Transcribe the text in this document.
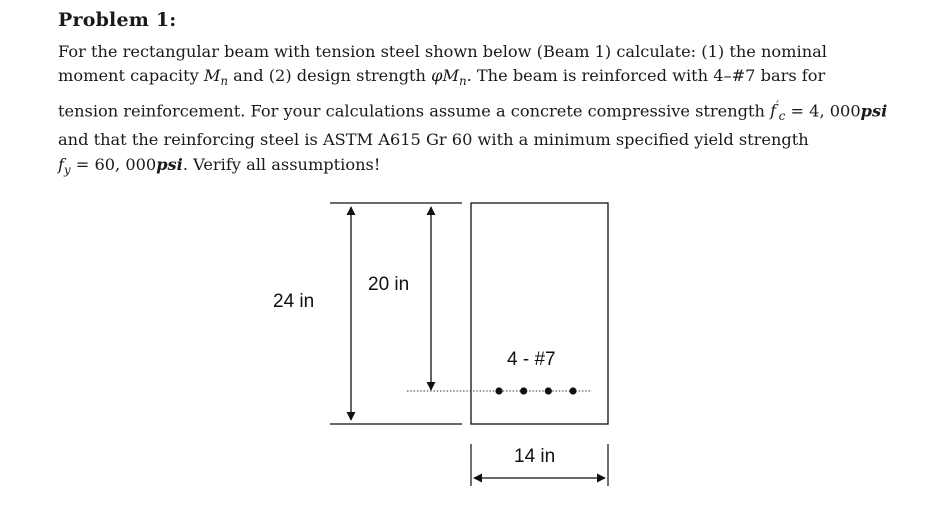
Problem 1:
For the rectangular beam with tension steel shown below (Beam 1) calculate: (1) the nominal
moment capacity $M_n$ and (2) design strength $\varphi M_n$. The beam is reinforced with 4–#7 bars for
tension reinforcement. For your calculations assume a concrete compressive strength $f'_c = 4$, 000psi
and that the reinforcing steel is ASTM A615 Gr 60 with a minimum specified yield strength
$f_y = 60$, 000psi. Verify all assumptions!
24 in
20 in
4 - #7
14 in
